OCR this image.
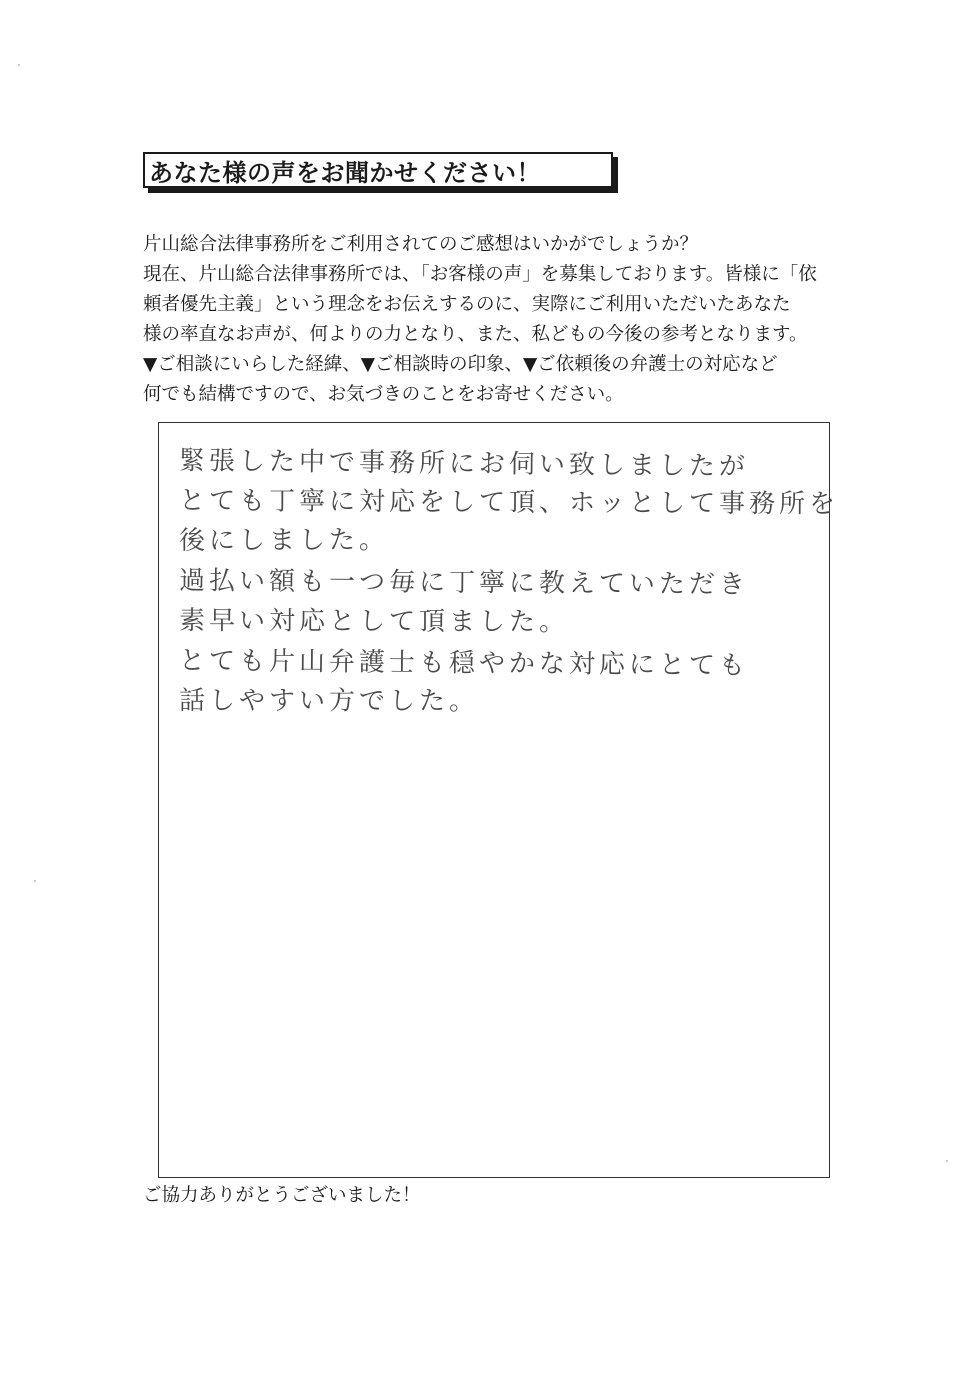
あなた様の声をお聞かせください！
片山総合法律事務所をご利用されてのご感想はいかがでしょうか？
現在、片山総合法律事務所では、「お客様の声」を募集しております。皆様に「依
頼者優先主義」という理念をお伝えするのに、実際にご利用いただいたあなた
様の率直なお声が、何よりの力となり、また、私どもの今後の参考となります。
▼ご相談にいらした経緯、▼ご相談時の印象、▼ご依頼後の弁護士の対応など
何でも結構ですので、お気づきのことをお寄せください。
緊張した中で事務所にお伺い致しましたが
とても丁寧に対応をして頂、ホッとして事務所を
後にしました。
過払い額も一つ毎に丁寧に教えていただき
素早い対応として頂ました。
とても片山弁護士も穏やかな対応にとても
話しやすい方でした。
ご協力ありがとうございました！
